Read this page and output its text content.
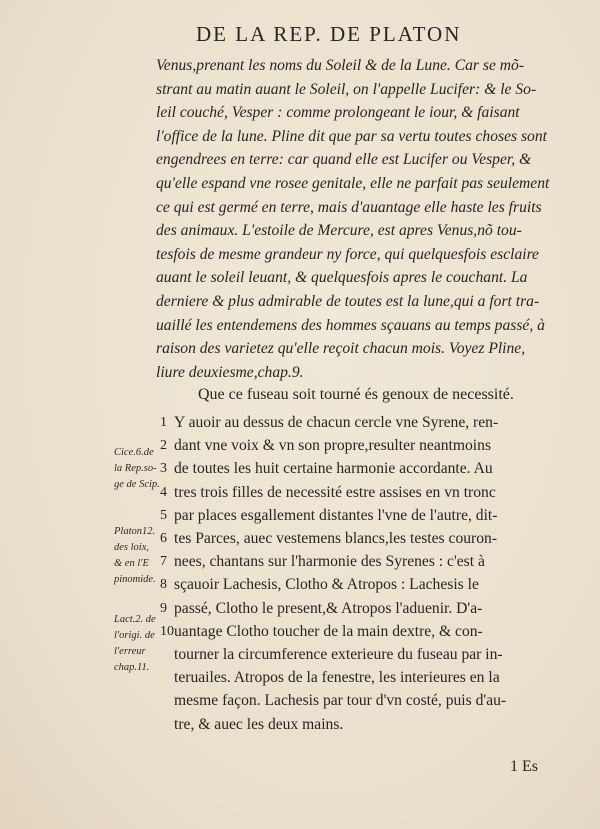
DE LA REP. DE PLATON
Venus,prenant les noms du Soleil & de la Lune. Car se mõ-
strant au matin auant le Soleil, on l'appelle Lucifer: & le So-
leil couché, Vesper : comme prolongeant le iour, & faisant
l'office de la lune. Pline dit que par sa vertu toutes choses sont
engendrees en terre: car quand elle est Lucifer ou Vesper, &
qu'elle espand vne rosee genitale, elle ne parfait pas seulement
ce qui est germé en terre, mais d'auantage elle haste les fruits
des animaux. L'estoile de Mercure, est apres Venus,nõ tou-
tesfois de mesme grandeur ny force, qui quelquesfois esclaire
auant le soleil leuant, & quelquesfois apres le couchant. La
derniere & plus admirable de toutes est la lune,qui a fort tra-
uaillé les entendemens des hommes sçauans au temps passé, à
raison des varietez qu'elle reçoit chacun mois. Voyez Pline,
liure deuxiesme,chap.9.
Que ce fuseau soit tourné és genoux de necessité.
1 Y auoir au dessus de chacun cercle vne Syrene, ren-
2 dant vne voix & vn son propre,resulter neantmoins
3 de toutes les huit certaine harmonie accordante. Au
4 tres trois filles de necessité estre assises en vn tronc
5 par places esgallement distantes l'vne de l'autre, dit-
6 tes Parces, auec vestemens blancs,les testes couron-
7 nees, chantans sur l'harmonie des Syrenes : c'est à
8 sçauoir Lachesis, Clotho & Atropos : Lachesis le
9 passé, Clotho le present,& Atropos l'aduenir. D'a-
10 uantage Clotho toucher de la main dextre, & con-
tourner la circumference exterieure du fuseau par in-
teruailes. Atropos de la fenestre, les interieures en la
mesme façon. Lachesis par tour d'vn costé, puis d'au-
tre, & auec les deux mains.
Cice.6.de
la Rep.so-
ge de Scip.
Platon12.
des loix,
& en l'E
pinomide.
Lact.2. de
l'origi. de
l'erreur
chap.11.
1 Es
